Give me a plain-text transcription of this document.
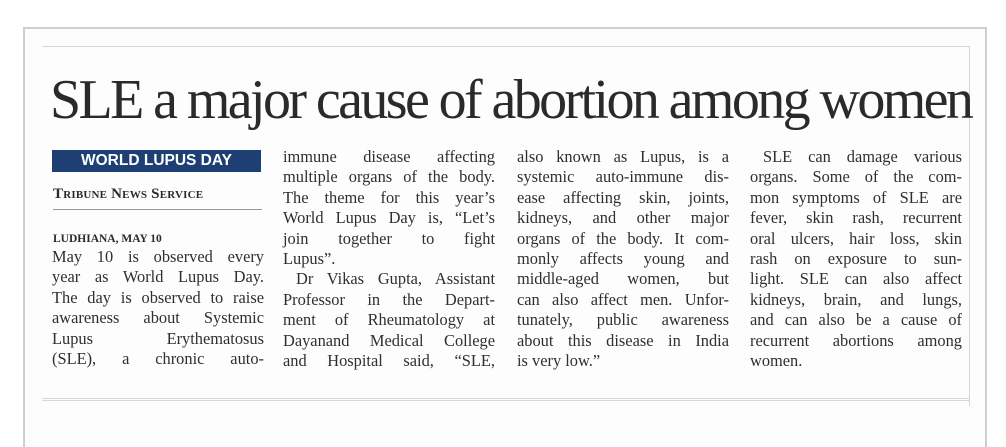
SLE a major cause of abortion among women
WORLD LUPUS DAY
Tribune News Service
LUDHIANA, MAY 10
May 10 is observed every
year as World Lupus Day.
The day is observed to raise
awareness about Systemic
Lupus Erythematosus
(SLE), a chronic auto-
immune disease affecting
multiple organs of the body.
The theme for this year’s
World Lupus Day is, “Let’s
join together to fight
Lupus”.
Dr Vikas Gupta, Assistant
Professor in the Depart-
ment of Rheumatology at
Dayanand Medical College
and Hospital said, “SLE,
also known as Lupus, is a
systemic auto-immune dis-
ease affecting skin, joints,
kidneys, and other major
organs of the body. It com-
monly affects young and
middle-aged women, but
can also affect men. Unfor-
tunately, public awareness
about this disease in India
is very low.”
SLE can damage various
organs. Some of the com-
mon symptoms of SLE are
fever, skin rash, recurrent
oral ulcers, hair loss, skin
rash on exposure to sun-
light. SLE can also affect
kidneys, brain, and lungs,
and can also be a cause of
recurrent abortions among
women.
